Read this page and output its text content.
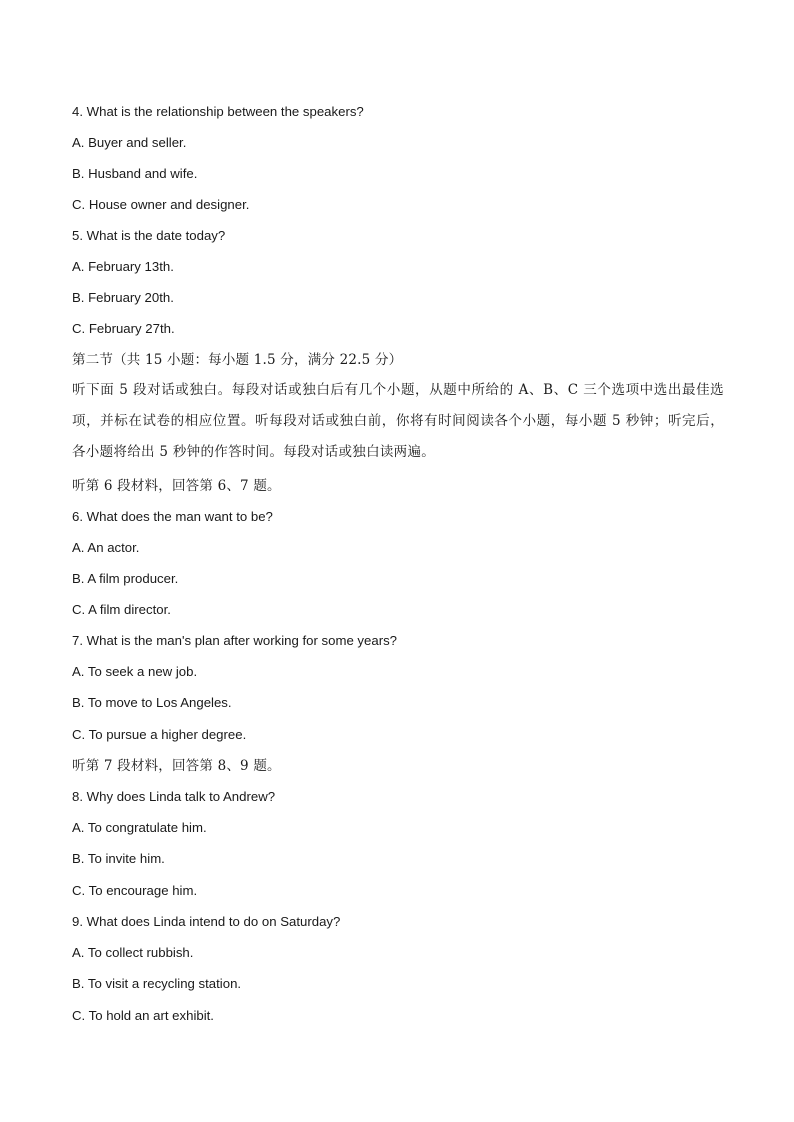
4. What is the relationship between the speakers?
A. Buyer and seller.
B. Husband and wife.
C. House owner and designer.
5. What is the date today?
A. February 13th.
B. February 20th.
C. February 27th.
第二节（共 15 小题：每小题 1.5 分，满分 22.5 分）
听下面 5 段对话或独白。每段对话或独白后有几个小题，从题中所给的 A、B、C 三个选项中选出最佳选项，并标在试卷的相应位置。听每段对话或独白前，你将有时间阅读各个小题，每小题 5 秒钟；听完后，各小题将给出 5 秒钟的作答时间。每段对话或独白读两遍。
听第 6 段材料，回答第 6、7 题。
6. What does the man want to be?
A. An actor.
B. A film producer.
C. A film director.
7. What is the man's plan after working for some years?
A. To seek a new job.
B. To move to Los Angeles.
C. To pursue a higher degree.
听第 7 段材料，回答第 8、9 题。
8. Why does Linda talk to Andrew?
A. To congratulate him.
B. To invite him.
C. To encourage him.
9. What does Linda intend to do on Saturday?
A. To collect rubbish.
B. To visit a recycling station.
C. To hold an art exhibit.
